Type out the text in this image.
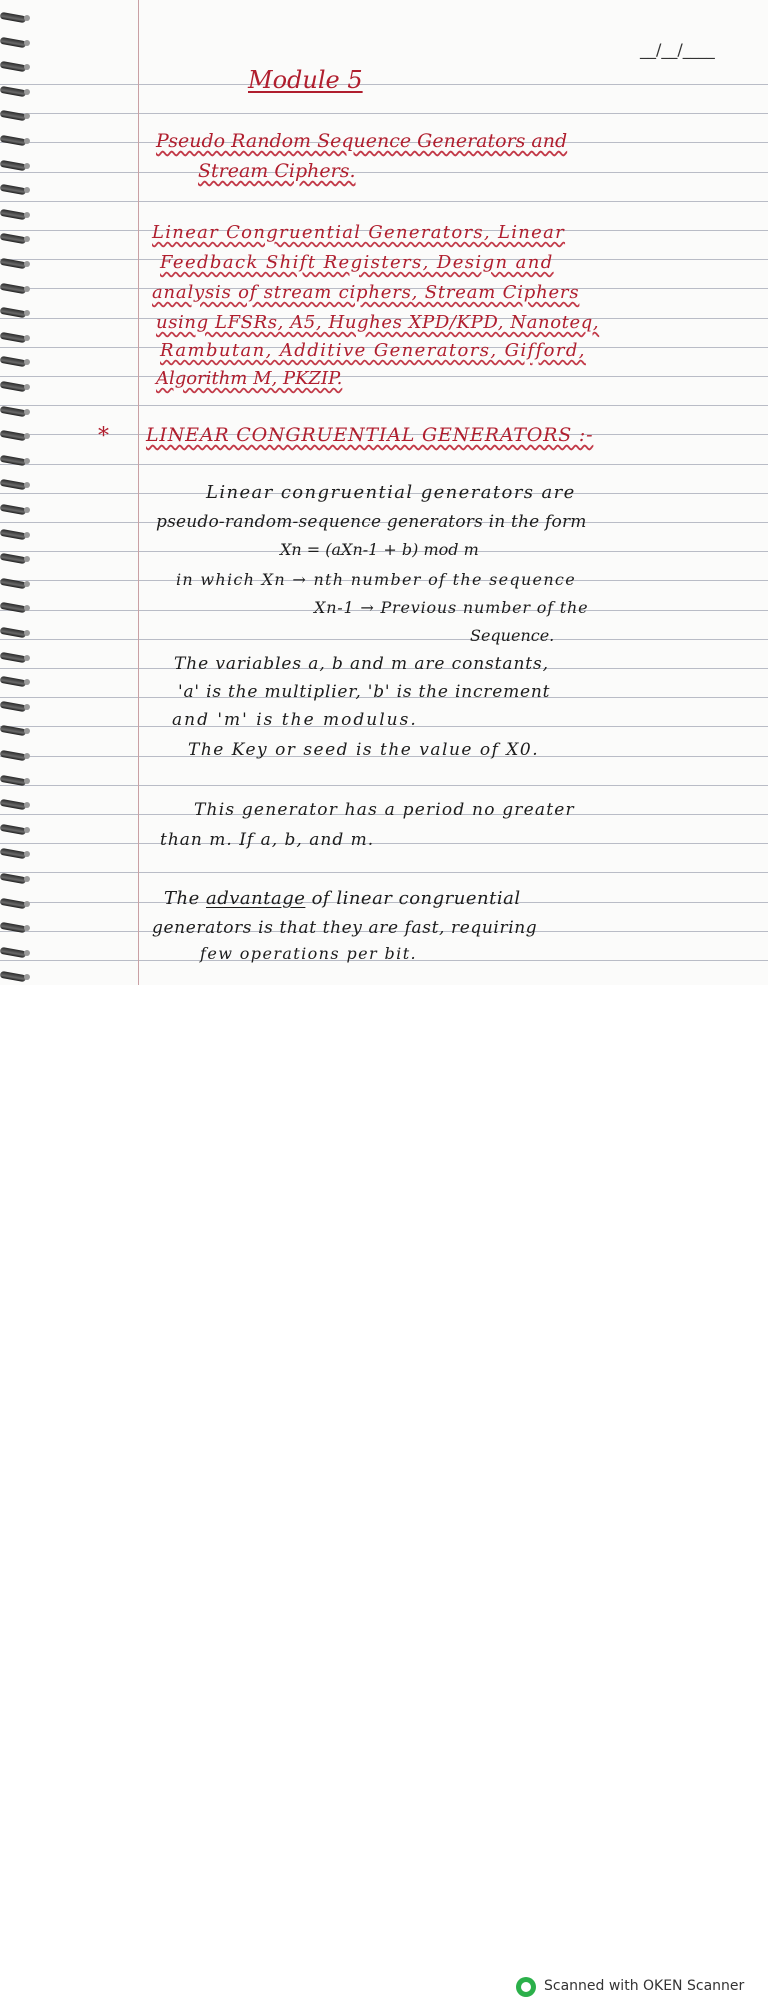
__/__/____
Module 5
Pseudo Random Sequence Generators and
Stream Ciphers.
Linear Congruential Generators, Linear
Feedback Shift Registers, Design and
analysis of stream ciphers, Stream Ciphers
using LFSRs, A5, Hughes XPD/KPD, Nanoteq,
Rambutan, Additive Generators, Gifford,
Algorithm M, PKZIP.
* LINEAR CONGRUENTIAL GENERATORS :-
Linear congruential generators are
pseudo-random-sequence generators in the form
Xn = (aXn-1 + b) mod m
in which Xn → nth number of the sequence
Xn-1 → Previous number of the
Sequence.
The variables a, b and m are constants,
'a' is the multiplier, 'b' is the increment
and 'm' is the modulus.
The Key or seed is the value of X0.
This generator has a period no greater
than m. If a, b, and m.
The advantage of linear congruential
generators is that they are fast, requiring
few operations per bit.
Scanned with OKEN Scanner
